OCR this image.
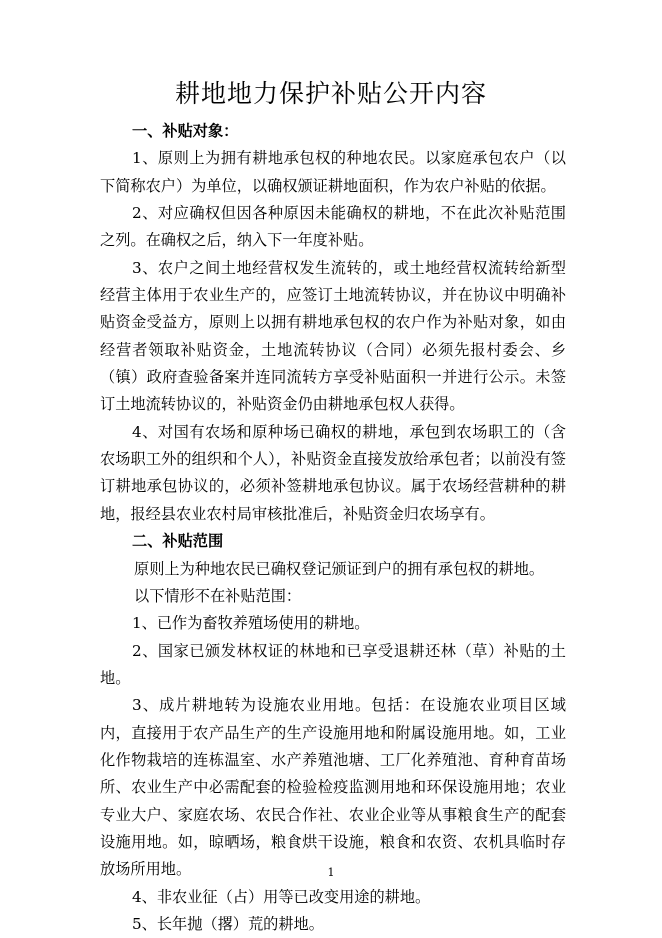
耕地地力保护补贴公开内容

一、补贴对象：

1、原则上为拥有耕地承包权的种地农民。以家庭承包农户（以下简称农户）为单位，以确权颁证耕地面积，作为农户补贴的依据。

2、对应确权但因各种原因未能确权的耕地，不在此次补贴范围之列。在确权之后，纳入下一年度补贴。

3、农户之间土地经营权发生流转的，或土地经营权流转给新型经营主体用于农业生产的，应签订土地流转协议，并在协议中明确补贴资金受益方，原则上以拥有耕地承包权的农户作为补贴对象，如由经营者领取补贴资金，土地流转协议（合同）必须先报村委会、乡（镇）政府查验备案并连同流转方享受补贴面积一并进行公示。未签订土地流转协议的，补贴资金仍由耕地承包权人获得。

4、对国有农场和原种场已确权的耕地，承包到农场职工的（含农场职工外的组织和个人），补贴资金直接发放给承包者；以前没有签订耕地承包协议的，必须补签耕地承包协议。属于农场经营耕种的耕地，报经县农业农村局审核批准后，补贴资金归农场享有。

二、补贴范围

原则上为种地农民已确权登记颁证到户的拥有承包权的耕地。

以下情形不在补贴范围：

1、已作为畜牧养殖场使用的耕地。

2、国家已颁发林权证的林地和已享受退耕还林（草）补贴的土地。

3、成片耕地转为设施农业用地。包括：在设施农业项目区域内，直接用于农产品生产的生产设施用地和附属设施用地。如，工业化作物栽培的连栋温室、水产养殖池塘、工厂化养殖池、育种育苗场所、农业生产中必需配套的检验检疫监测用地和环保设施用地；农业专业大户、家庭农场、农民合作社、农业企业等从事粮食生产的配套设施用地。如，晾晒场，粮食烘干设施，粮食和农资、农机具临时存放场所用地。

4、非农业征（占）用等已改变用途的耕地。

5、长年抛（撂）荒的耕地。

1
